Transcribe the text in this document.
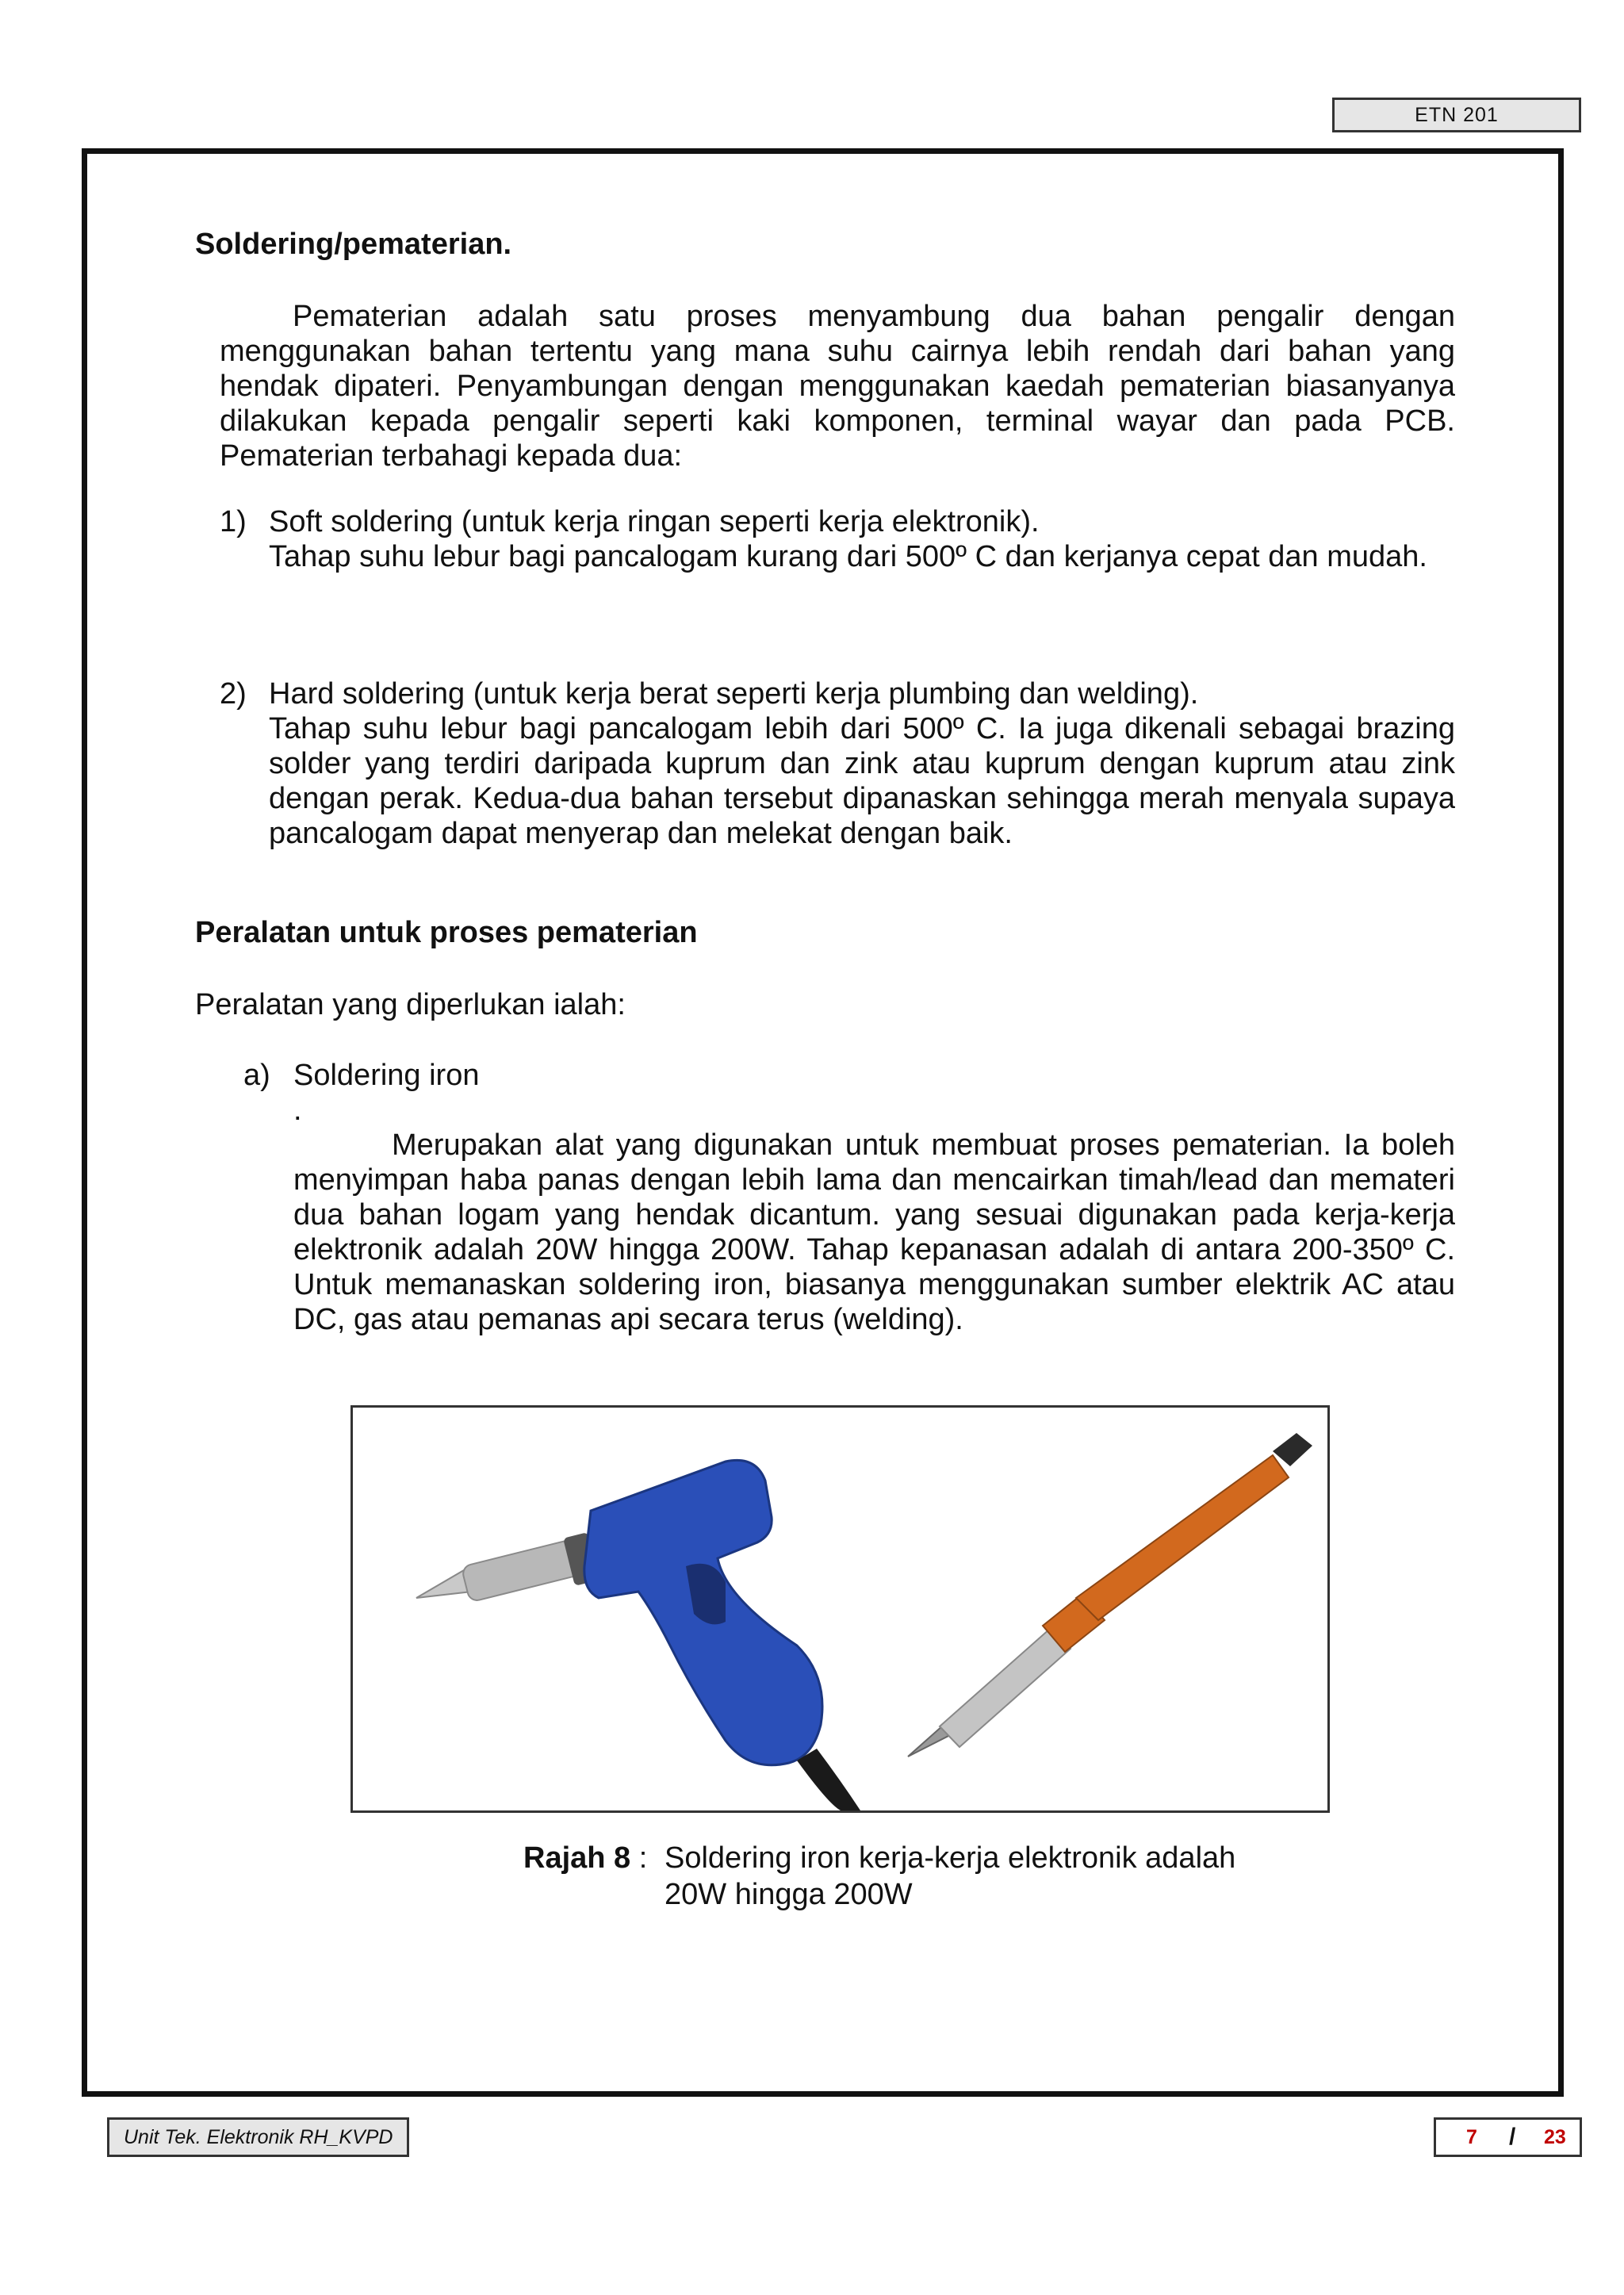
ETN 201
Soldering/pematerian.

Pematerian adalah satu proses menyambung dua bahan pengalir dengan menggunakan bahan tertentu yang mana suhu cairnya lebih rendah dari bahan yang hendak dipateri. Penyambungan dengan menggunakan kaedah pematerian biasanyanya dilakukan kepada pengalir seperti kaki komponen, terminal wayar dan pada PCB. Pematerian terbahagi kepada dua:

1) Soft soldering (untuk kerja ringan seperti kerja elektronik).
Tahap suhu lebur bagi pancalogam kurang dari 500º C dan kerjanya cepat dan mudah.
2) Hard soldering (untuk kerja berat seperti kerja plumbing dan welding).

Tahap suhu lebur bagi pancalogam lebih dari 500º C. Ia juga dikenali sebagai brazing solder yang terdiri daripada kuprum dan zink atau kuprum dengan kuprum atau zink dengan perak. Kedua-dua bahan tersebut dipanaskan sehingga merah menyala supaya pancalogam dapat menyerap dan melekat dengan baik.

Peralatan untuk proses pematerian
Peralatan yang diperlukan ialah:
a) Soldering iron
.

Merupakan alat yang digunakan untuk membuat proses pematerian. Ia boleh menyimpan haba panas dengan lebih lama dan mencairkan timah/lead dan memateri dua bahan logam yang hendak dicantum. yang sesuai digunakan pada kerja-kerja elektronik adalah 20W hingga 200W. Tahap kepanasan adalah di antara 200-350º C. Untuk memanaskan soldering iron, biasanya menggunakan sumber elektrik AC atau DC, gas atau pemanas api secara terus (welding).

Rajah 8 : Soldering iron kerja-kerja elektronik adalah 20W hingga 200W
Unit Tek. Elektronik RH_KVPD	7 / 23
